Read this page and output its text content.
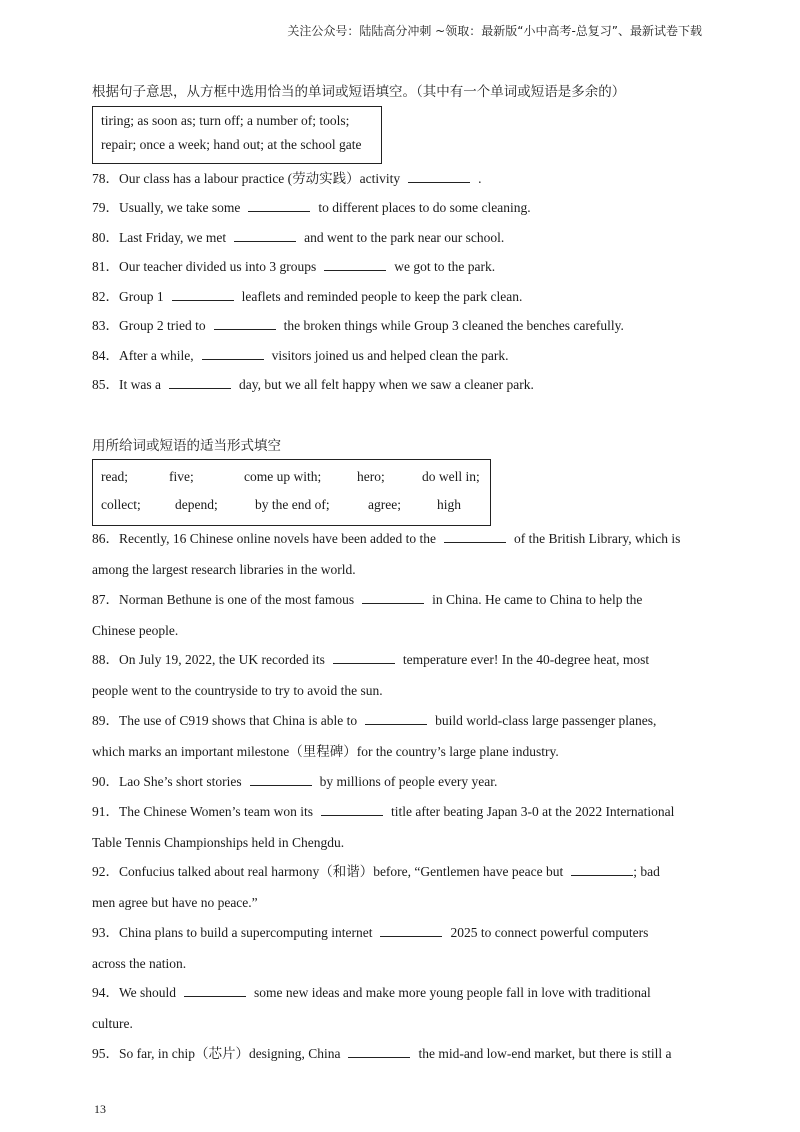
关注公众号：陆陆高分冲刺 ~领取：最新版“小中高考-总复习”、最新试卷下载
根据句子意思，从方框中选用恰当的单词或短语填空。（其中有一个单词或短语是多余的）
tiring; as soon as; turn off; a number of; tools;
repair; once a week; hand out; at the school gate
78．Our class has a labour practice (劳动实践）activity	.
79．Usually, we take some	to different places to do some cleaning.
80．Last Friday, we met	and went to the park near our school.
81．Our teacher divided us into 3 groups	we got to the park.
82．Group 1	leaflets and reminded people to keep the park clean.
83．Group 2 tried to	the broken things while Group 3 cleaned the benches carefully.
84．After a while,	visitors joined us and helped clean the park.
85．It was a	day, but we all felt happy when we saw a cleaner park.
用所给词或短语的适当形式填空
read;	five;	come up with;	hero;	do well in;
collect;	depend;	by the end of;	agree;	high
86．Recently, 16 Chinese online novels have been added to the	of the British Library, which is
among the largest research libraries in the world.
87．Norman Bethune is one of the most famous	in China. He came to China to help the
Chinese people.
88．On July 19, 2022, the UK recorded its	temperature ever! In the 40-degree heat, most
people went to the countryside to try to avoid the sun.
89．The use of C919 shows that China is able to	build world-class large passenger planes,
which marks an important milestone（里程碑）for the country’s large plane industry.
90．Lao She’s short stories	by millions of people every year.
91．The Chinese Women’s team won its	title after beating Japan 3-0 at the 2022 International
Table Tennis Championships held in Chengdu.
92．Confucius talked about real harmony（和谐）before, “Gentlemen have peace but	; bad
men agree but have no peace.”
93．China plans to build a supercomputing internet	2025 to connect powerful computers
across the nation.
94．We should	some new ideas and make more young people fall in love with traditional
culture.
95．So far, in chip（芯片）designing, China	the mid-and low-end market, but there is still a
13
